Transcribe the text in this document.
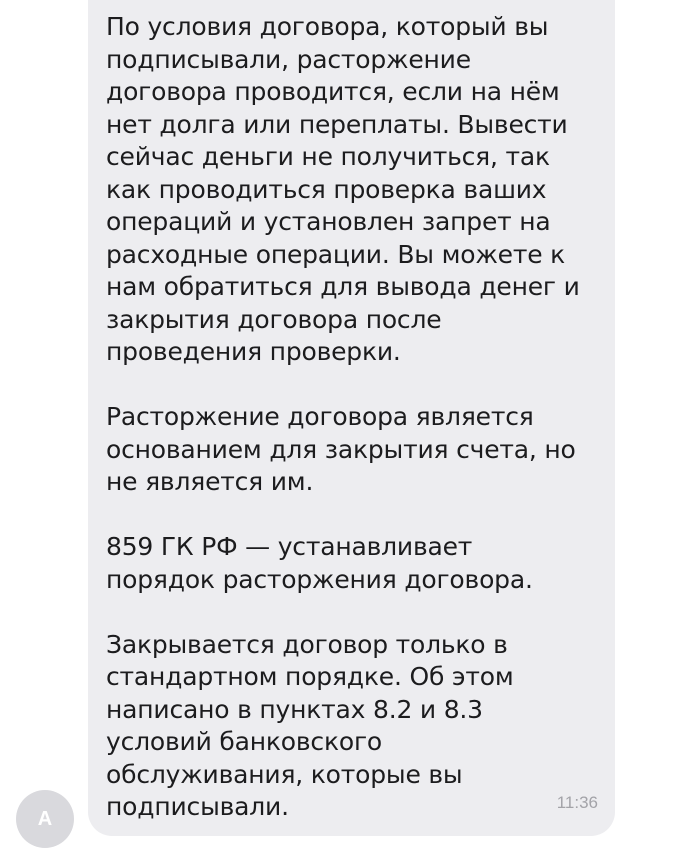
По условия договора, который вы
подписывали, расторжение
договора проводится, если на нём
нет долга или переплаты. Вывести
сейчас деньги не получиться, так
как проводиться проверка ваших
операций и установлен запрет на
расходные операции. Вы можете к
нам обратиться для вывода денег и
закрытия договора после
проведения проверки.

Расторжение договора является
основанием для закрытия счета, но
не является им.

859 ГК РФ — устанавливает
порядок расторжения договора.

Закрывается договор только в
стандартном порядке. Об этом
написано в пунктах 8.2 и 8.3
условий банковского
обслуживания, которые вы
подписывали.	11:36
А
